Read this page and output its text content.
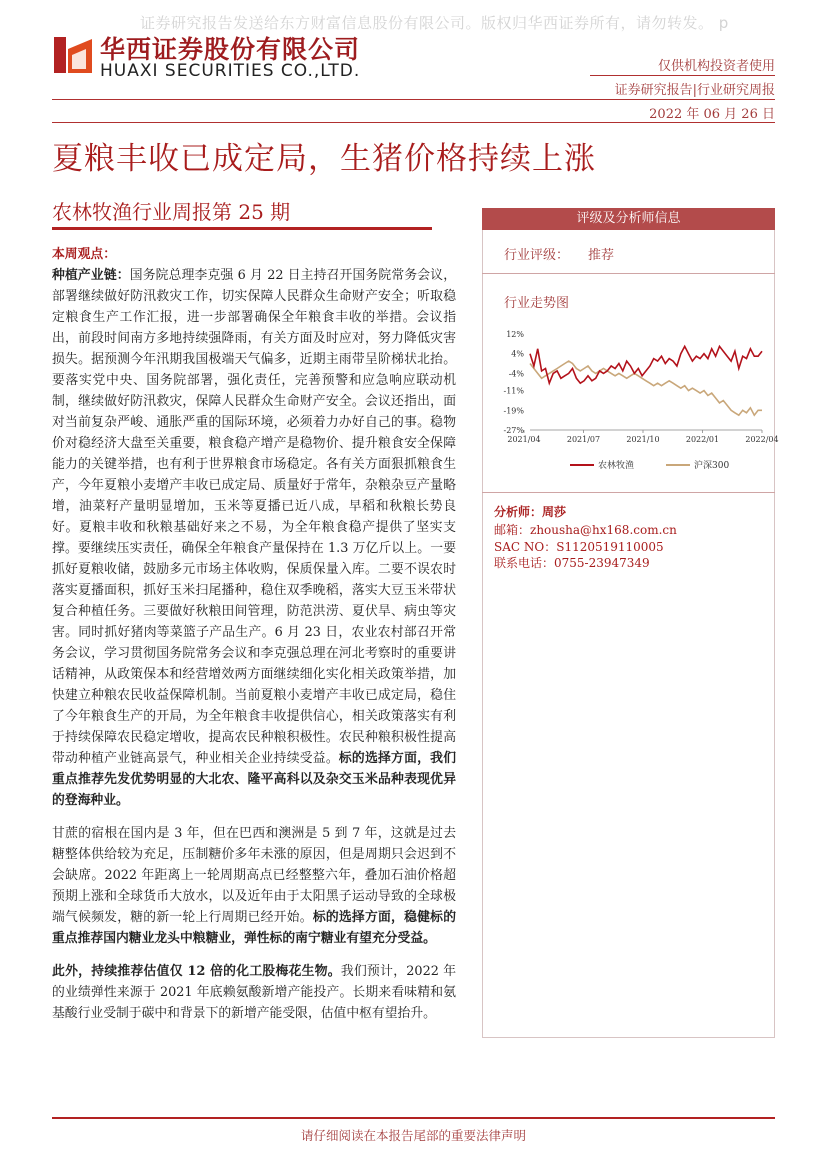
证券研究报告发送给东方财富信息股份有限公司。版权归华西证券所有，请勿转发。 p
华西证券股份有限公司
HUAXI SECURITIES CO.,LTD.	仅供机构投资者使用
证券研究报告|行业研究周报
2022 年 06 月 26 日
夏粮丰收已成定局，生猪价格持续上涨
农林牧渔行业周报第 25 期
本周观点：

种植产业链：国务院总理李克强 6 月 22 日主持召开国务院常务会议，部署继续做好防汛救灾工作，切实保障人民群众生命财产安全；听取稳定粮食生产工作汇报，进一步部署确保全年粮食丰收的举措。会议指出，前段时间南方多地持续强降雨，有关方面及时应对，努力降低灾害损失。据预测今年汛期我国极端天气偏多，近期主雨带呈阶梯状北抬。要落实党中央、国务院部署，强化责任，完善预警和应急响应联动机制，继续做好防汛救灾，保障人民群众生命财产安全。会议还指出，面对当前复杂严峻、通胀严重的国际环境，必须着力办好自己的事。稳物价对稳经济大盘至关重要，粮食稳产增产是稳物价、提升粮食安全保障能力的关键举措，也有利于世界粮食市场稳定。各有关方面狠抓粮食生产，今年夏粮小麦增产丰收已成定局、质量好于常年，杂粮杂豆产量略增，油菜籽产量明显增加，玉米等夏播已近八成，早稻和秋粮长势良好。夏粮丰收和秋粮基础好来之不易，为全年粮食稳产提供了坚实支撑。要继续压实责任，确保全年粮食产量保持在 1.3 万亿斤以上。一要抓好夏粮收储，鼓励多元市场主体收购，保质保量入库。二要不误农时落实夏播面积，抓好玉米扫尾播种，稳住双季晚稻，落实大豆玉米带状复合种植任务。三要做好秋粮田间管理，防范洪涝、夏伏旱、病虫等灾害。同时抓好猪肉等菜篮子产品生产。6 月 23 日，农业农村部召开常务会议，学习贯彻国务院常务会议和李克强总理在河北考察时的重要讲话精神，从政策保本和经营增效两方面继续细化实化相关政策举措，加快建立种粮农民收益保障机制。当前夏粮小麦增产丰收已成定局，稳住了今年粮食生产的开局，为全年粮食丰收提供信心，相关政策落实有利于持续保障农民稳定增收，提高农民种粮积极性。农民种粮积极性提高带动种植产业链高景气，种业相关企业持续受益。标的选择方面，我们重点推荐先发优势明显的大北农、隆平高科以及杂交玉米品种表现优异的登海种业。

甘蔗的宿根在国内是 3 年，但在巴西和澳洲是 5 到 7 年，这就是过去糖整体供给较为充足，压制糖价多年未涨的原因，但是周期只会迟到不会缺席。2022 年距离上一轮周期高点已经整整六年，叠加石油价格超预期上涨和全球货币大放水，以及近年由于太阳黑子运动导致的全球极端气候频发，糖的新一轮上行周期已经开始。标的选择方面，稳健标的重点推荐国内糖业龙头中粮糖业，弹性标的南宁糖业有望充分受益。

此外，持续推荐估值仅 12 倍的化工股梅花生物。我们预计，2022 年的业绩弹性来源于 2021 年底赖氨酸新增产能投产。长期来看味精和氨基酸行业受制于碳中和背景下的新增产能受限，估值中枢有望抬升。

评级及分析师信息
行业评级： 推荐
行业走势图
12%
4%
-4%
-11%
-19%
-27%
2021/04	2021/07	2021/10	2022/01	2022/04
农林牧渔	沪深300
分析师：周莎
邮箱：zhousha@hx168.com.cn
SAC NO：S1120519110005
联系电话：0755-23947349
请仔细阅读在本报告尾部的重要法律声明
